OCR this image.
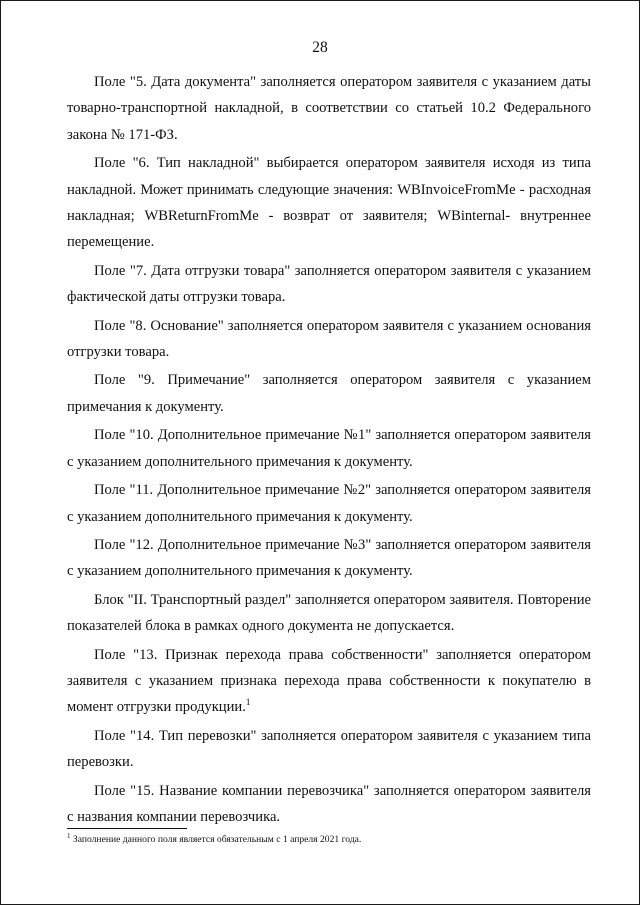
28

Поле "5. Дата документа" заполняется оператором заявителя с указанием даты товарно-транспортной накладной, в соответствии со статьей 10.2 Федерального закона № 171-ФЗ.

Поле "6. Тип накладной" выбирается оператором заявителя исходя из типа накладной. Может принимать следующие значения: WBInvoiceFromMe - расходная накладная; WBReturnFromMe - возврат от заявителя; WBinternal- внутреннее перемещение.

Поле "7. Дата отгрузки товара" заполняется оператором заявителя с указанием фактической даты отгрузки товара.

Поле "8. Основание" заполняется оператором заявителя с указанием основания отгрузки товара.

Поле "9. Примечание" заполняется оператором заявителя с указанием примечания к документу.

Поле "10. Дополнительное примечание №1" заполняется оператором заявителя с указанием дополнительного примечания к документу.

Поле "11. Дополнительное примечание №2" заполняется оператором заявителя с указанием дополнительного примечания к документу.

Поле "12. Дополнительное примечание №3" заполняется оператором заявителя с указанием дополнительного примечания к документу.

Блок "II. Транспортный раздел" заполняется оператором заявителя. Повторение показателей блока в рамках одного документа не допускается.

Поле "13. Признак перехода права собственности" заполняется оператором заявителя с указанием признака перехода права собственности к покупателю в момент отгрузки продукции.$^1$

Поле "14. Тип перевозки" заполняется оператором заявителя с указанием типа перевозки.

Поле "15. Название компании перевозчика" заполняется оператором заявителя с названия компании перевозчика.

$^1$ Заполнение данного поля является обязательным с 1 апреля 2021 года.
